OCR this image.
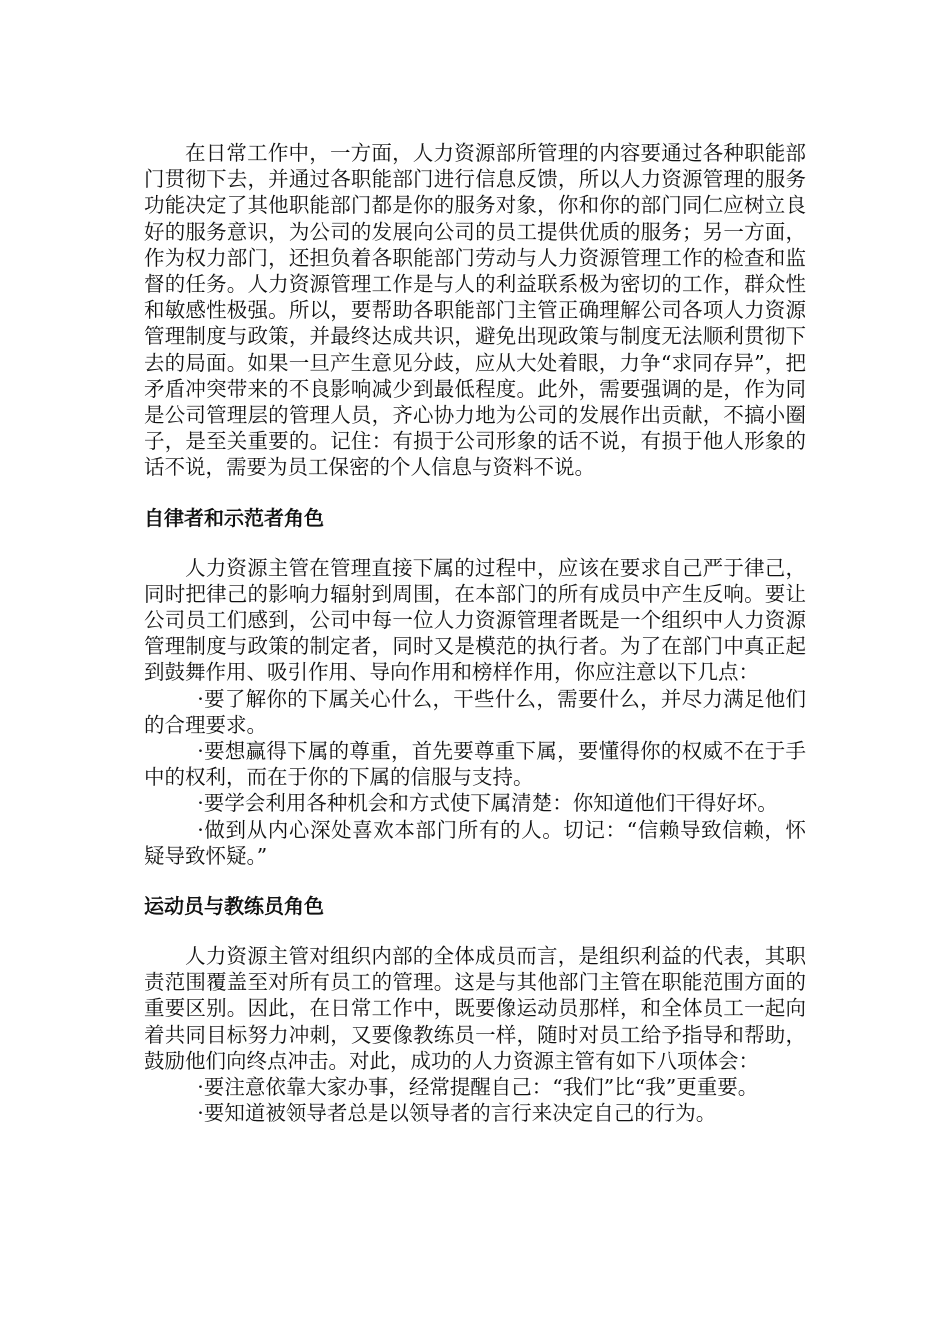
在日常工作中，一方面，人力资源部所管理的内容要通过各种职能部门贯彻下去，并通过各职能部门进行信息反馈，所以人力资源管理的服务功能决定了其他职能部门都是你的服务对象，你和你的部门同仁应树立良好的服务意识，为公司的发展向公司的员工提供优质的服务；另一方面，作为权力部门，还担负着各职能部门劳动与人力资源管理工作的检查和监督的任务。人力资源管理工作是与人的利益联系极为密切的工作，群众性和敏感性极强。所以，要帮助各职能部门主管正确理解公司各项人力资源管理制度与政策，并最终达成共识，避免出现政策与制度无法顺利贯彻下去的局面。如果一旦产生意见分歧，应从大处着眼，力争“求同存异”，把矛盾冲突带来的不良影响减少到最低程度。此外，需要强调的是，作为同是公司管理层的管理人员，齐心协力地为公司的发展作出贡献，不搞小圈子，是至关重要的。记住：有损于公司形象的话不说，有损于他人形象的话不说，需要为员工保密的个人信息与资料不说。

自律者和示范者角色

人力资源主管在管理直接下属的过程中，应该在要求自己严于律己，同时把律己的影响力辐射到周围，在本部门的所有成员中产生反响。要让公司员工们感到，公司中每一位人力资源管理者既是一个组织中人力资源管理制度与政策的制定者，同时又是模范的执行者。为了在部门中真正起到鼓舞作用、吸引作用、导向作用和榜样作用，你应注意以下几点：

·要了解你的下属关心什么，干些什么，需要什么，并尽力满足他们的合理要求。

·要想赢得下属的尊重，首先要尊重下属，要懂得你的权威不在于手中的权利，而在于你的下属的信服与支持。

·要学会利用各种机会和方式使下属清楚：你知道他们干得好坏。

·做到从内心深处喜欢本部门所有的人。切记：“信赖导致信赖，怀疑导致怀疑。”

运动员与教练员角色

人力资源主管对组织内部的全体成员而言，是组织利益的代表，其职责范围覆盖至对所有员工的管理。这是与其他部门主管在职能范围方面的重要区别。因此，在日常工作中，既要像运动员那样，和全体员工一起向着共同目标努力冲刺，又要像教练员一样，随时对员工给予指导和帮助，鼓励他们向终点冲击。对此，成功的人力资源主管有如下八项体会：

·要注意依靠大家办事，经常提醒自己：“我们”比“我”更重要。

·要知道被领导者总是以领导者的言行来决定自己的行为。
